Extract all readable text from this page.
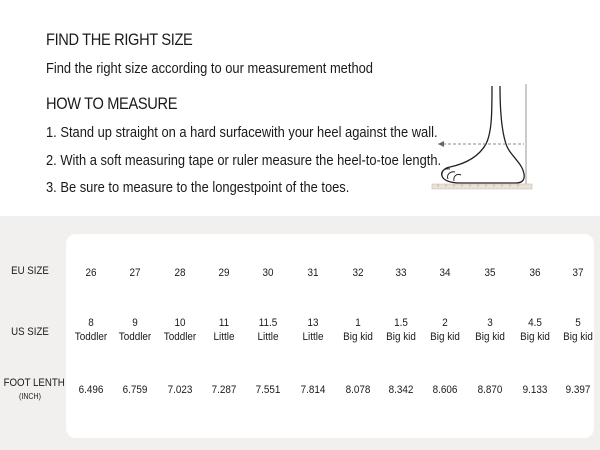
FIND THE RIGHT SIZE
Find the right size according to our measurement method
HOW TO MEASURE
1. Stand up straight on a hard surfacewith your heel against the wall.
2. With a soft measuring tape or ruler measure the heel-to-toe length.
3. Be sure to measure to the longestpoint of the toes.
EU SIZE
US SIZE
FOOT LENTH
(INCH)
26
8
Toddler
6.496
27
9
Toddler
6.759
28
10
Toddler
7.023
29
11
Little
7.287
30
11.5
Little
7.551
31
13
Little
7.814
32
1
Big kid
8.078
33
1.5
Big kid
8.342
34
2
Big kid
8.606
35
3
Big kid
8.870
36
4.5
Big kid
9.133
37
5
Big kid
9.397
